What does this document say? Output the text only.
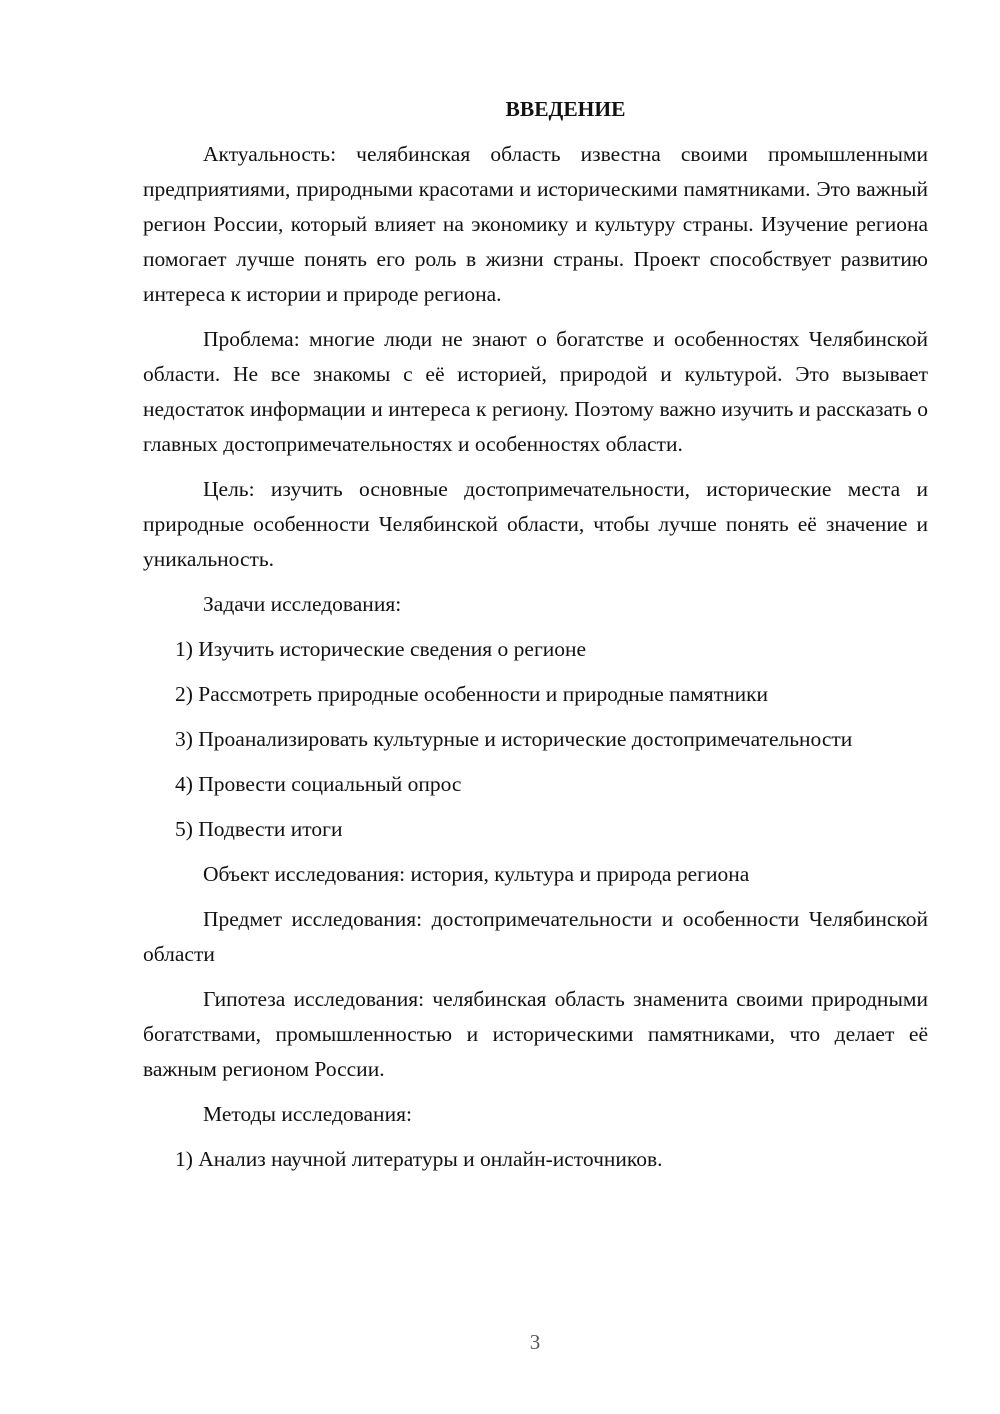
ВВЕДЕНИЕ

Актуальность: челябинская область известна своими промышленными предприятиями, природными красотами и историческими памятниками. Это важный регион России, который влияет на экономику и культуру страны. Изучение региона помогает лучше понять его роль в жизни страны. Проект способствует развитию интереса к истории и природе региона.

Проблема: многие люди не знают о богатстве и особенностях Челябинской области. Не все знакомы с её историей, природой и культурой. Это вызывает недостаток информации и интереса к региону. Поэтому важно изучить и рассказать о главных достопримечательностях и особенностях области.

Цель: изучить основные достопримечательности, исторические места и природные особенности Челябинской области, чтобы лучше понять её значение и уникальность.

Задачи исследования:

1) Изучить исторические сведения о регионе

2) Рассмотреть природные особенности и природные памятники

3) Проанализировать культурные и исторические достопримечательности

4) Провести социальный опрос

5) Подвести итоги

Объект исследования: история, культура и природа региона

Предмет исследования: достопримечательности и особенности Челябинской области

Гипотеза исследования: челябинская область знаменита своими природными богатствами, промышленностью и историческими памятниками, что делает её важным регионом России.

Методы исследования:

1) Анализ научной литературы и онлайн-источников.

3
